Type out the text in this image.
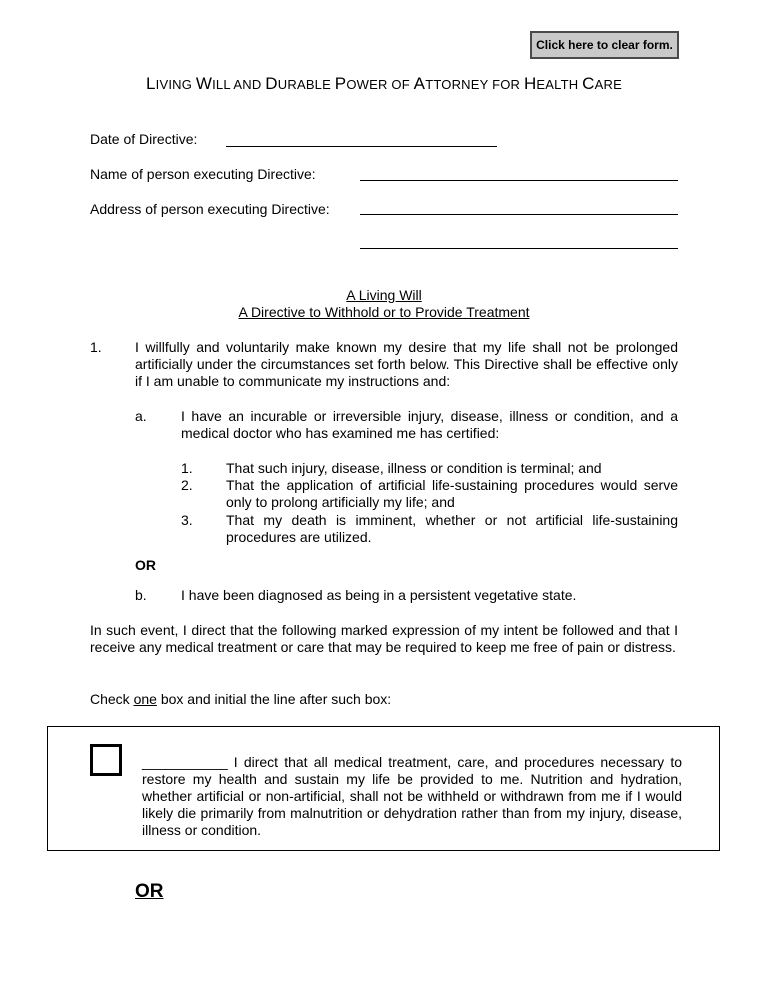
Click here to clear form.
LIVING WILL AND DURABLE POWER OF ATTORNEY FOR HEALTH CARE
Date of Directive:
Name of person executing Directive:
Address of person executing Directive:
A Living Will
A Directive to Withhold or to Provide Treatment
1. I willfully and voluntarily make known my desire that my life shall not be prolonged artificially under the circumstances set forth below. This Directive shall be effective only if I am unable to communicate my instructions and:
a. I have an incurable or irreversible injury, disease, illness or condition, and a medical doctor who has examined me has certified:
1. That such injury, disease, illness or condition is terminal; and
2. That the application of artificial life-sustaining procedures would serve only to prolong artificially my life; and
3. That my death is imminent, whether or not artificial life-sustaining procedures are utilized.
OR
b. I have been diagnosed as being in a persistent vegetative state.
In such event, I direct that the following marked expression of my intent be followed and that I receive any medical treatment or care that may be required to keep me free of pain or distress.
Check one box and initial the line after such box:
___________ I direct that all medical treatment, care, and procedures necessary to restore my health and sustain my life be provided to me. Nutrition and hydration, whether artificial or non-artificial, shall not be withheld or withdrawn from me if I would likely die primarily from malnutrition or dehydration rather than from my injury, disease, illness or condition.
OR
